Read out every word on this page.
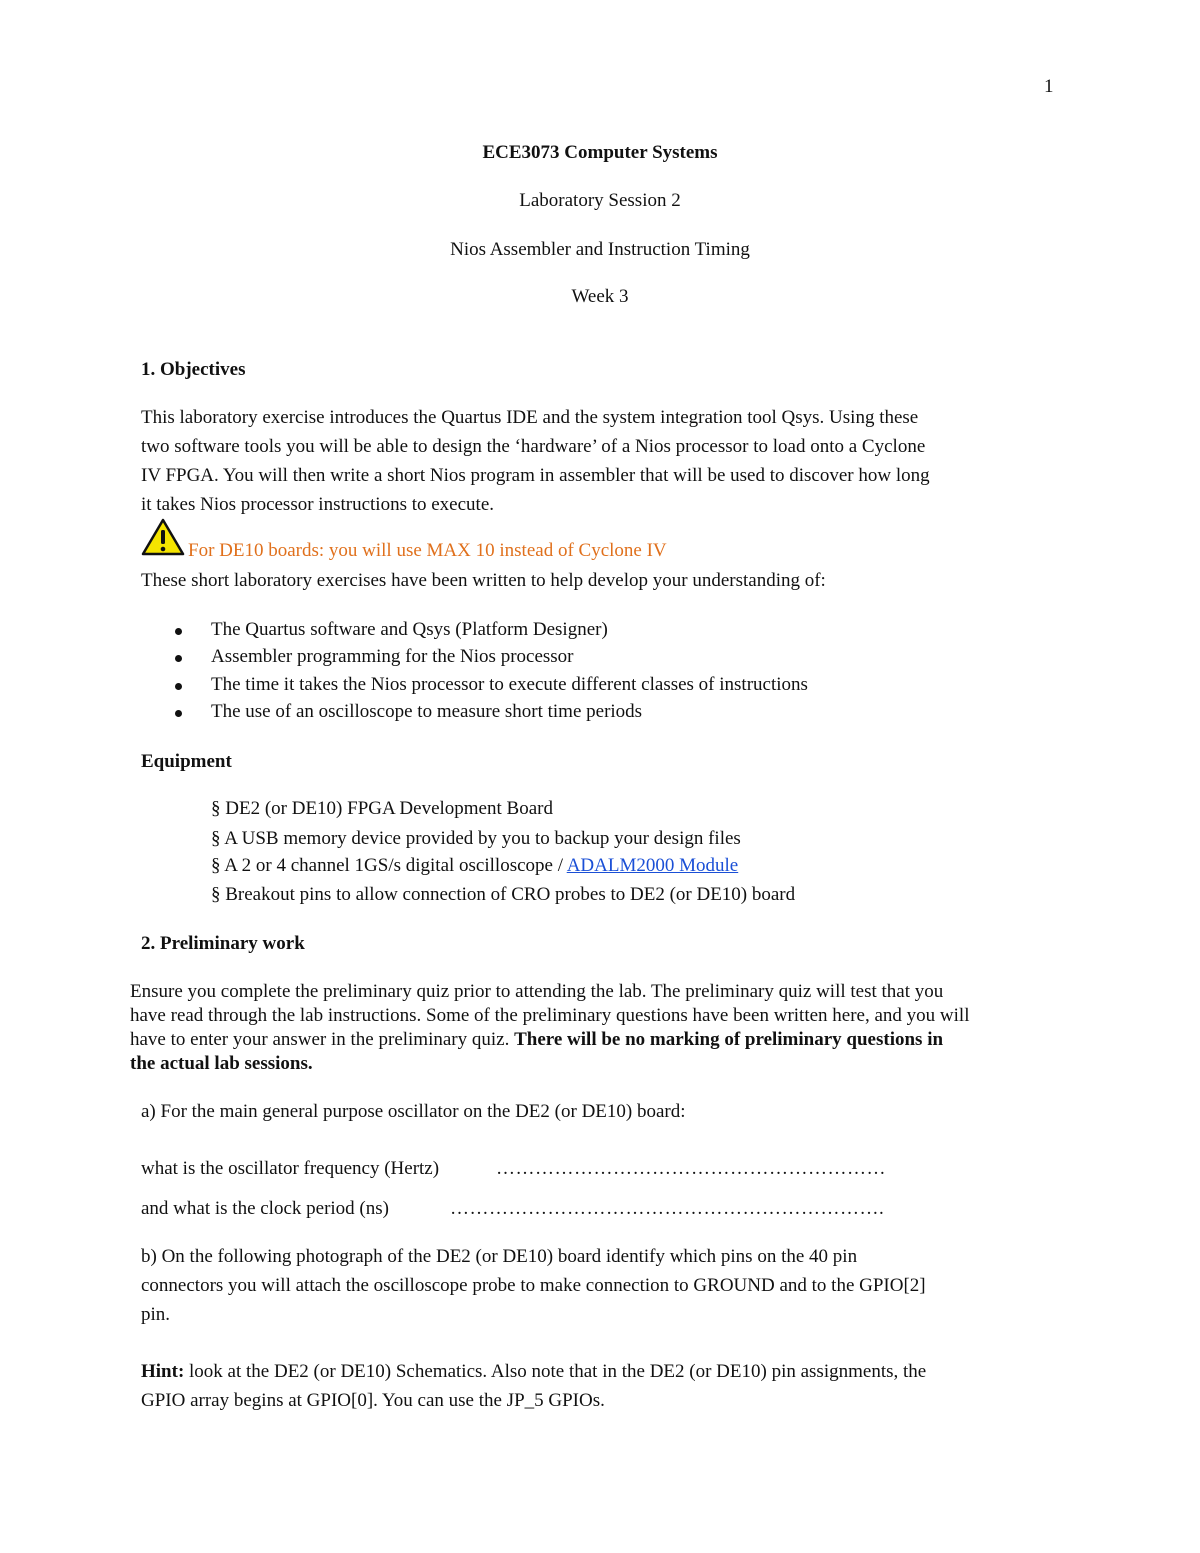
1
ECE3073 Computer Systems
Laboratory Session 2
Nios Assembler and Instruction Timing
Week 3
1. Objectives
This laboratory exercise introduces the Quartus IDE and the system integration tool Qsys. Using these
two software tools you will be able to design the ‘hardware’ of a Nios processor to load onto a Cyclone
IV FPGA. You will then write a short Nios program in assembler that will be used to discover how long
it takes Nios processor instructions to execute.
For DE10 boards: you will use MAX 10 instead of Cyclone IV
These short laboratory exercises have been written to help develop your understanding of:
The Quartus software and Qsys (Platform Designer)
Assembler programming for the Nios processor
The time it takes the Nios processor to execute different classes of instructions
The use of an oscilloscope to measure short time periods
Equipment
§ DE2 (or DE10) FPGA Development Board
§ A USB memory device provided by you to backup your design files
§ A 2 or 4 channel 1GS/s digital oscilloscope / ADALM2000 Module
§ Breakout pins to allow connection of CRO probes to DE2 (or DE10) board
2. Preliminary work
Ensure you complete the preliminary quiz prior to attending the lab. The preliminary quiz will test that you
have read through the lab instructions. Some of the preliminary questions have been written here, and you will
have to enter your answer in the preliminary quiz. There will be no marking of preliminary questions in
the actual lab sessions.
a) For the main general purpose oscillator on the DE2 (or DE10) board:
what is the oscillator frequency (Hertz)	……………………………………………………
and what is the clock period (ns)	………………………………………………………….
b) On the following photograph of the DE2 (or DE10) board identify which pins on the 40 pin
connectors you will attach the oscilloscope probe to make connection to GROUND and to the GPIO[2]
pin.
Hint: look at the DE2 (or DE10) Schematics. Also note that in the DE2 (or DE10) pin assignments, the
GPIO array begins at GPIO[0]. You can use the JP_5 GPIOs.
